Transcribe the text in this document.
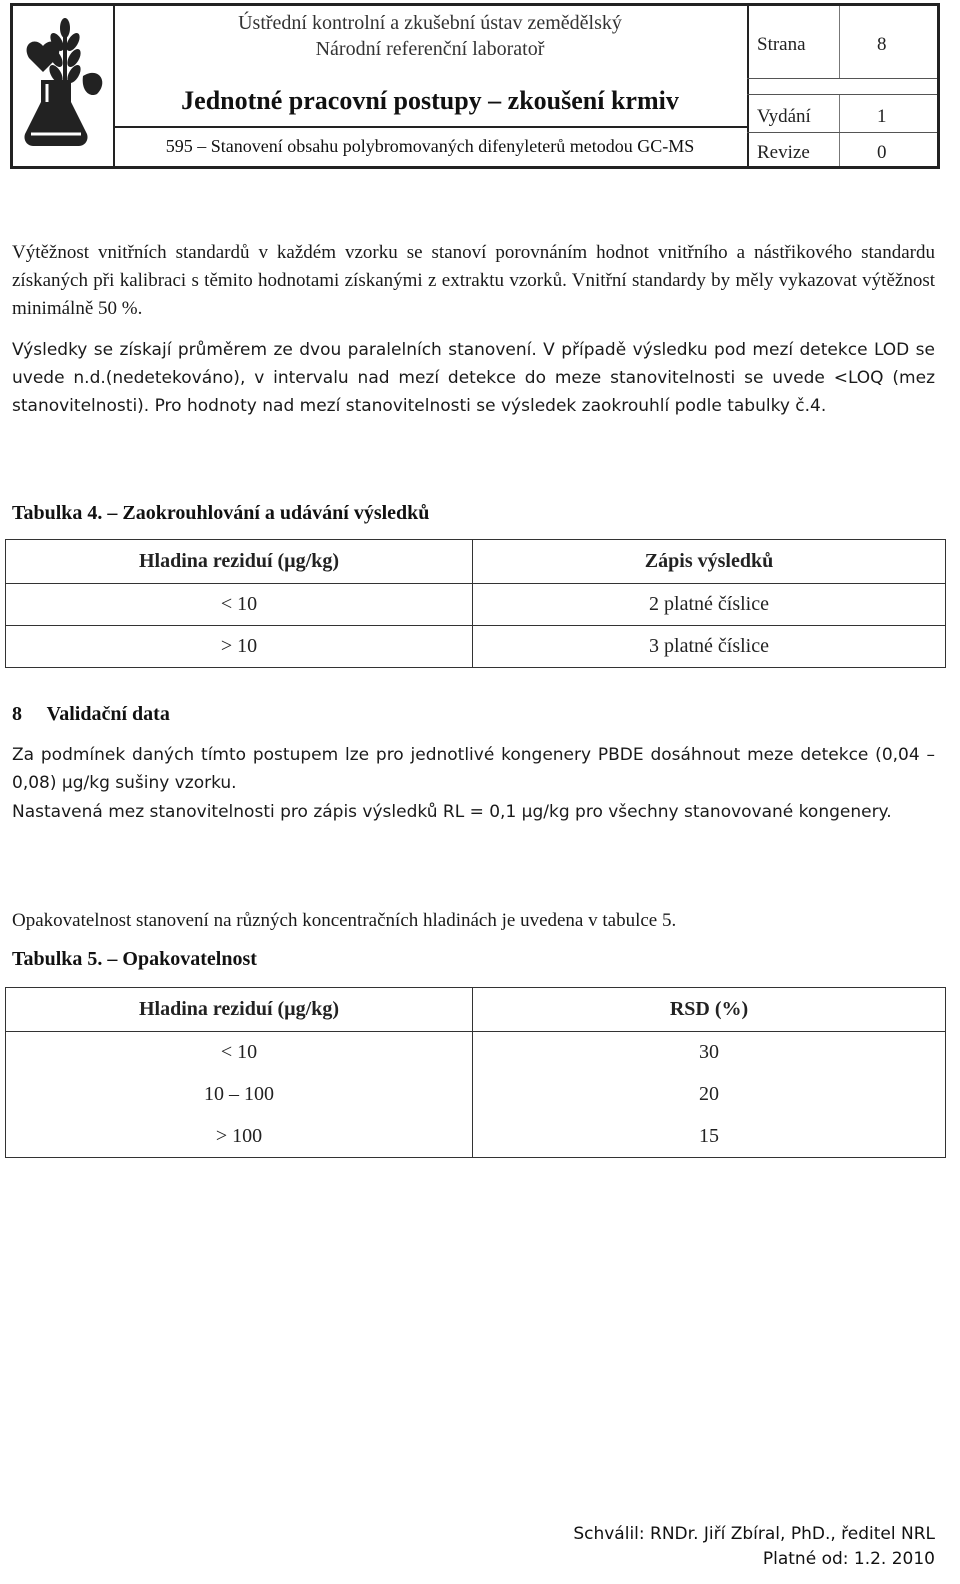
Ústřední kontrolní a zkušební ústav zemědělský
Národní referenční laboratoř
Jednotné pracovní postupy – zkoušení krmiv
595 – Stanovení obsahu polybromovaných difenyleterů metodou GC-MS
Strana	8
Vydání	1
Revize	0
Výtěžnost vnitřních standardů v každém vzorku se stanoví porovnáním hodnot vnitřního a nástřikového standardu získaných při kalibraci s těmito hodnotami získanými z extraktu vzorků. Vnitřní standardy by měly vykazovat výtěžnost minimálně 50 %.
Výsledky se získají průměrem ze dvou paralelních stanovení. V případě výsledku pod mezí detekce LOD se uvede n.d.(nedetekováno), v intervalu nad mezí detekce do meze stanovitelnosti se uvede <LOQ (mez stanovitelnosti). Pro hodnoty nad mezí stanovitelnosti se výsledek zaokrouhlí podle tabulky č.4.
Tabulka 4. – Zaokrouhlování a udávání výsledků
Hladina reziduí (µg/kg)	Zápis výsledků
< 10	2 platné číslice
> 10	3 platné číslice
8     Validační data
Za podmínek daných tímto postupem lze pro jednotlivé kongenery PBDE dosáhnout meze detekce (0,04 – 0,08) µg/kg sušiny vzorku.
Nastavená mez stanovitelnosti pro zápis výsledků RL = 0,1 µg/kg pro všechny stanovované kongenery.
Opakovatelnost stanovení na různých koncentračních hladinách je uvedena v tabulce 5.
Tabulka 5. – Opakovatelnost
Hladina reziduí (µg/kg)	RSD (%)
< 10	30
10 – 100	20
> 100	15
Schválil: RNDr. Jiří Zbíral, PhD., ředitel NRL
Platné od: 1.2. 2010
